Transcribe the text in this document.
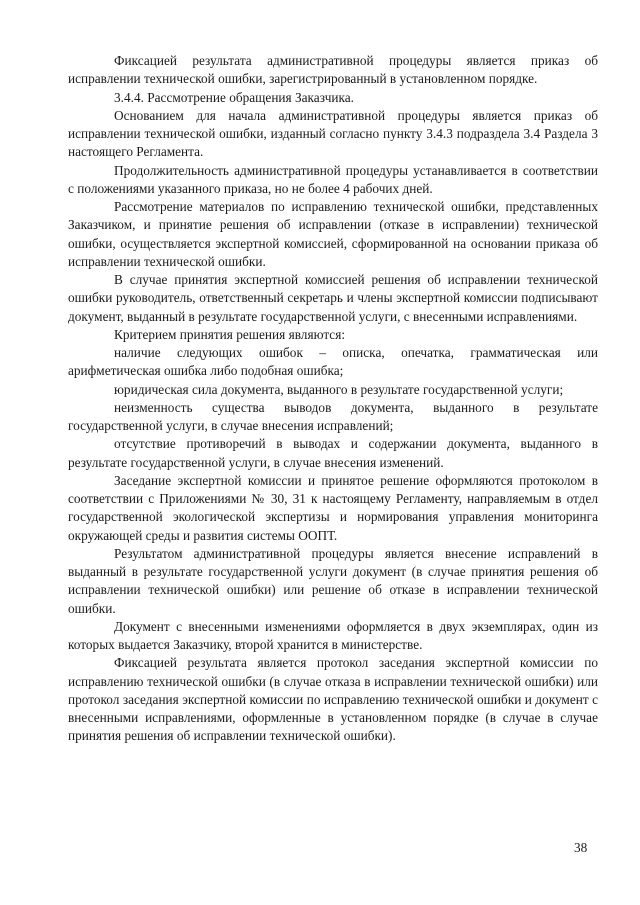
Фиксацией результата административной процедуры является приказ об исправлении технической ошибки, зарегистрированный в установленном порядке.

3.4.4. Рассмотрение обращения Заказчика.

Основанием для начала административной процедуры является приказ об исправлении технической ошибки, изданный согласно пункту 3.4.3 подраздела 3.4 Раздела 3 настоящего Регламента.

Продолжительность административной процедуры устанавливается в соответствии с положениями указанного приказа, но не более 4 рабочих дней.

Рассмотрение материалов по исправлению технической ошибки, представленных Заказчиком, и принятие решения об исправлении (отказе в исправлении) технической ошибки, осуществляется экспертной комиссией, сформированной на основании приказа об исправлении технической ошибки.

В случае принятия экспертной комиссией решения об исправлении технической ошибки руководитель, ответственный секретарь и члены экспертной комиссии подписывают документ, выданный в результате государственной услуги, с внесенными исправлениями.

Критерием принятия решения являются:

наличие следующих ошибок – описка, опечатка, грамматическая или арифметическая ошибка либо подобная ошибка;

юридическая сила документа, выданного в результате государственной услуги;

неизменность существа выводов документа, выданного в результате государственной услуги, в случае внесения исправлений;

отсутствие противоречий в выводах и содержании документа, выданного в результате государственной услуги, в случае внесения изменений.

Заседание экспертной комиссии и принятое решение оформляются протоколом в соответствии с Приложениями № 30, 31 к настоящему Регламенту, направляемым в отдел государственной экологической экспертизы и нормирования управления мониторинга окружающей среды и развития системы ООПТ.

Результатом административной процедуры является внесение исправлений в выданный в результате государственной услуги документ (в случае принятия решения об исправлении технической ошибки) или решение об отказе в исправлении технической ошибки.

Документ с внесенными изменениями оформляется в двух экземплярах, один из которых выдается Заказчику, второй хранится в министерстве.

Фиксацией результата является протокол заседания экспертной комиссии по исправлению технической ошибки (в случае отказа в исправлении технической ошибки) или протокол заседания экспертной комиссии по исправлению технической ошибки и документ с внесенными исправлениями, оформленные в установленном порядке (в случае в случае принятия решения об исправлении технической ошибки).

38
